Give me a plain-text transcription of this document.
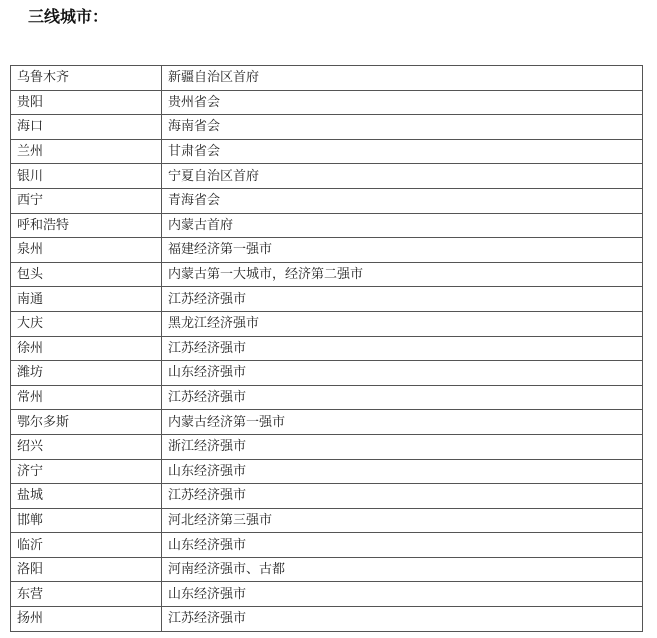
三线城市：
乌鲁木齐	新疆自治区首府
贵阳	贵州省会
海口	海南省会
兰州	甘肃省会
银川	宁夏自治区首府
西宁	青海省会
呼和浩特	内蒙古首府
泉州	福建经济第一强市
包头	内蒙古第一大城市，经济第二强市
南通	江苏经济强市
大庆	黑龙江经济强市
徐州	江苏经济强市
潍坊	山东经济强市
常州	江苏经济强市
鄂尔多斯	内蒙古经济第一强市
绍兴	浙江经济强市
济宁	山东经济强市
盐城	江苏经济强市
邯郸	河北经济第三强市
临沂	山东经济强市
洛阳	河南经济强市、古都
东营	山东经济强市
扬州	江苏经济强市
